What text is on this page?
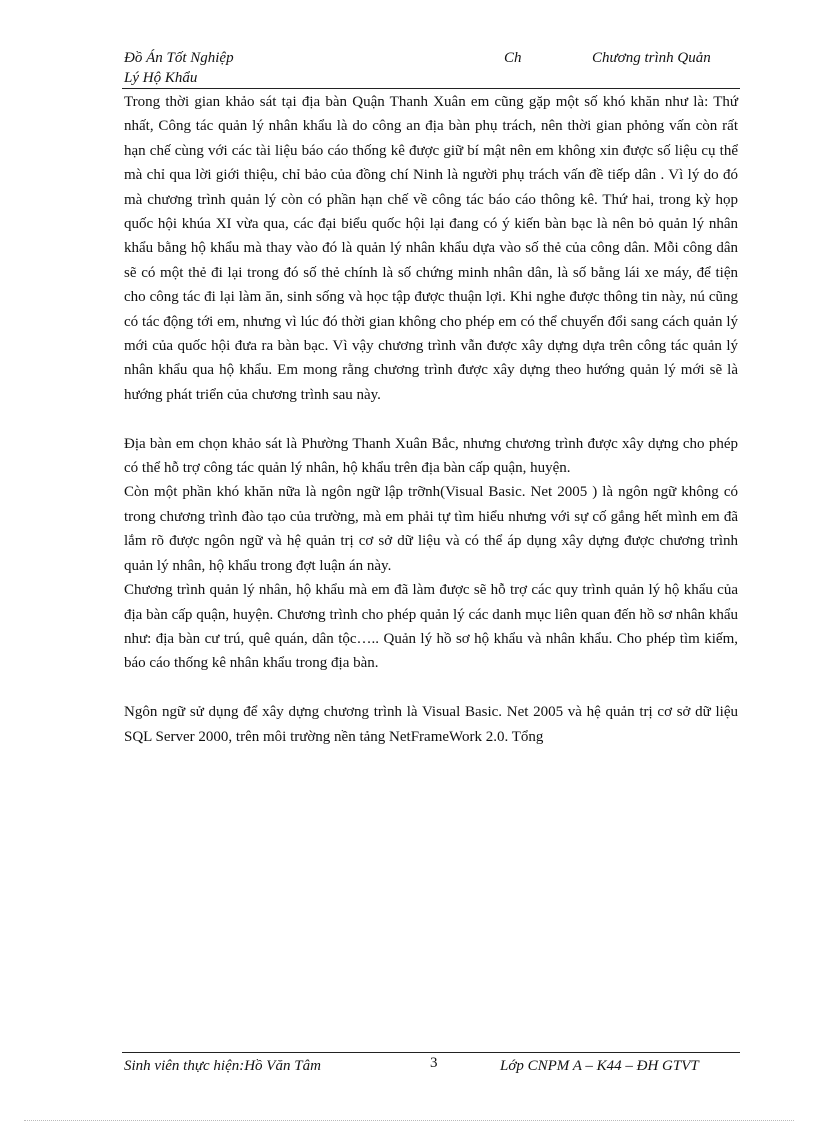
Đồ Án Tốt Nghiệp
Lý Hộ Khẩu
Ch	Chương trình Quản

Trong thời gian khảo sát tại địa bàn Quận Thanh Xuân em cũng gặp một số khó khăn như là: Thứ nhất, Công tác quản lý nhân khẩu là do công an địa bàn phụ trách, nên thời gian phỏng vấn còn rất hạn chế cùng với các tài liệu báo cáo thống kê được giữ bí mật nên em không xin được số liệu cụ thể mà chỉ qua lời giới thiệu, chỉ bảo của đồng chí Ninh là người phụ trách vấn đề tiếp dân . Vì lý do đó mà chương trình quản lý còn có phần hạn chế về công tác báo cáo thông kê. Thứ hai, trong kỳ họp quốc hội khúa XI vừa qua, các đại biểu quốc hội lại đang có ý kiến bàn bạc là nên bỏ quản lý nhân khẩu bằng hộ khẩu mà thay vào đó là quản lý nhân khẩu dựa vào số thẻ của công dân. Mỗi công dân sẽ có một thẻ đi lại trong đó số thẻ chính là số chứng minh nhân dân, là số bằng lái xe máy, để tiện cho công tác đi lại làm ăn, sinh sống và học tập được thuận lợi. Khi nghe được thông tin này, nú cũng có tác động tới em, nhưng vì lúc đó thời gian không cho phép em có thể chuyển đổi sang cách quản lý mới của quốc hội đưa ra bàn bạc. Vì vậy chương trình vẫn được xây dựng dựa trên công tác quản lý nhân khẩu qua hộ khẩu. Em mong rằng chương trình được xây dựng theo hướng quản lý mới sẽ là hướng phát triển của chương trình sau này.

Địa bàn em chọn khảo sát là Phường Thanh Xuân Bắc, nhưng chương trình được xây dựng cho phép có thể hỗ trợ công tác quản lý nhân, hộ khẩu trên địa bàn cấp quận, huyện.

Còn một phần khó khăn nữa là ngôn ngữ lập trỡnh(Visual Basic. Net 2005 ) là ngôn ngữ không có trong chương trình đào tạo của trường, mà em phải tự tìm hiểu nhưng với sự cố gắng hết mình em đã lắm rõ được ngôn ngữ và hệ quản trị cơ sở dữ liệu và có thể áp dụng xây dựng được chương trình quản lý nhân, hộ khẩu trong đợt luận án này.

Chương trình quản lý nhân, hộ khẩu mà em đã làm được sẽ hỗ trợ các quy trình quản lý hộ khẩu của địa bàn cấp quận, huyện. Chương trình cho phép quản lý các danh mục liên quan đến hồ sơ nhân khẩu như: địa bàn cư trú, quê quán, dân tộc….. Quản lý hồ sơ hộ khẩu và nhân khẩu. Cho phép tìm kiếm, báo cáo thống kê nhân khẩu trong địa bàn.

Ngôn ngữ sử dụng để xây dựng chương trình là Visual Basic. Net 2005 và hệ quản trị cơ sở dữ liệu SQL Server 2000, trên môi trường nền tảng NetFrameWork 2.0. Tổng

Sinh viên thực hiện:Hồ Văn Tâm	3	Lớp CNPM A – K44 – ĐH GTVT
